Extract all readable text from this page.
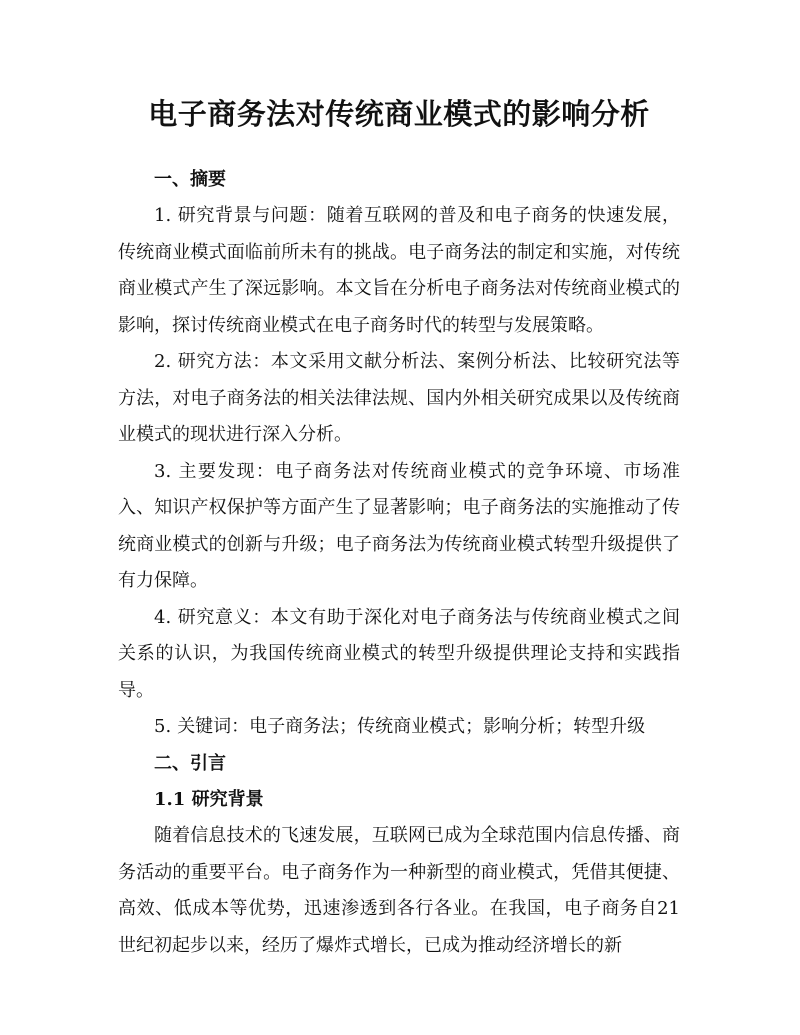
电子商务法对传统商业模式的影响分析
一、摘要

1. 研究背景与问题：随着互联网的普及和电子商务的快速发展，传统商业模式面临前所未有的挑战。电子商务法的制定和实施，对传统商业模式产生了深远影响。本文旨在分析电子商务法对传统商业模式的影响，探讨传统商业模式在电子商务时代的转型与发展策略。

2. 研究方法：本文采用文献分析法、案例分析法、比较研究法等方法，对电子商务法的相关法律法规、国内外相关研究成果以及传统商业模式的现状进行深入分析。

3. 主要发现：电子商务法对传统商业模式的竞争环境、市场准入、知识产权保护等方面产生了显著影响；电子商务法的实施推动了传统商业模式的创新与升级；电子商务法为传统商业模式转型升级提供了有力保障。

4. 研究意义：本文有助于深化对电子商务法与传统商业模式之间关系的认识，为我国传统商业模式的转型升级提供理论支持和实践指导。

5. 关键词：电子商务法；传统商业模式；影响分析；转型升级

二、引言
1.1 研究背景

随着信息技术的飞速发展，互联网已成为全球范围内信息传播、商务活动的重要平台。电子商务作为一种新型的商业模式，凭借其便捷、高效、低成本等优势，迅速渗透到各行各业。在我国，电子商务自21世纪初起步以来，经历了爆炸式增长，已成为推动经济增长的新
